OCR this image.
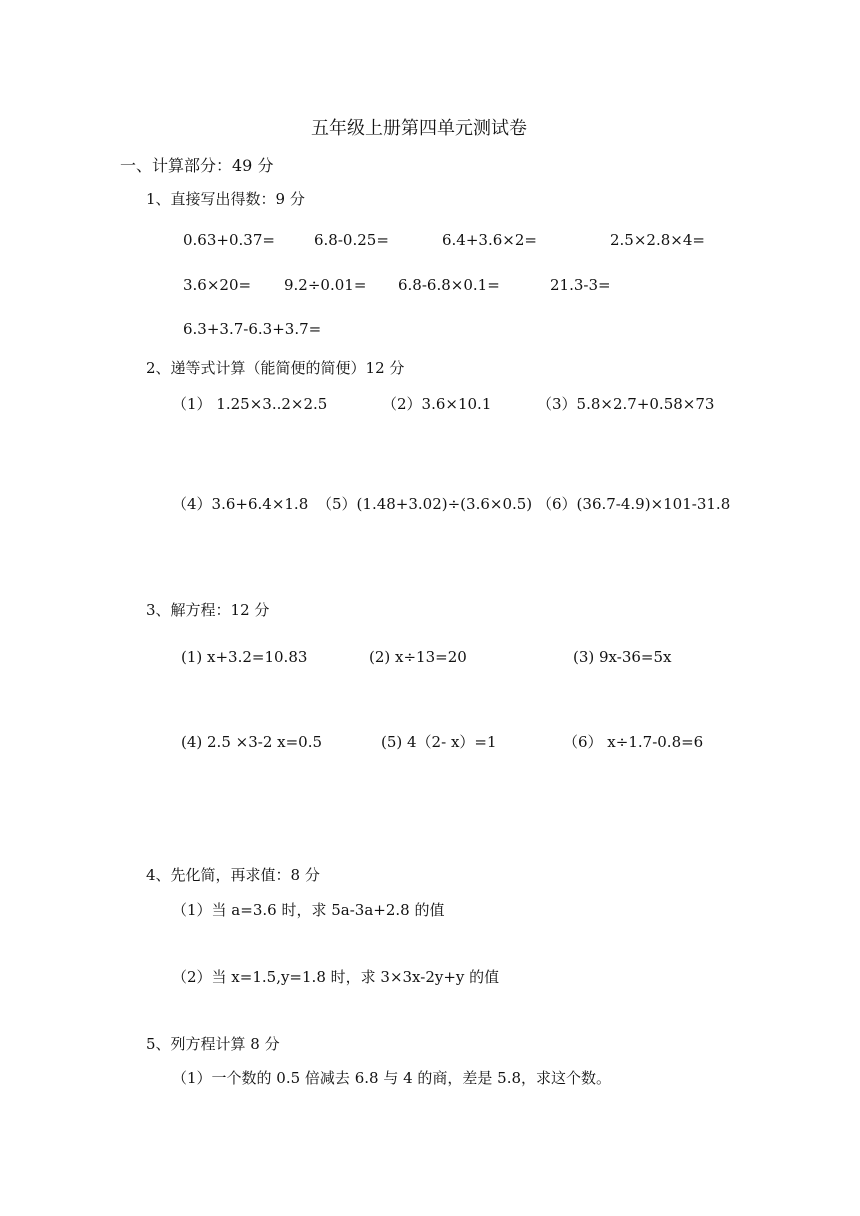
五年级上册第四单元测试卷
一、计算部分：49 分
1、直接写出得数：9 分
0.63+0.37=	6.8-0.25=	6.4+3.6×2=	2.5×2.8×4=
3.6×20= 9.2÷0.01= 6.8-6.8×0.1=	21.3-3=
6.3+3.7-6.3+3.7=
2、递等式计算（能简便的简便）12 分
（1） 1.25×3..2×2.5	（2）3.6×10.1	（3）5.8×2.7+0.58×73
（4）3.6+6.4×1.8 （5）(1.48+3.02)÷(3.6×0.5) （6）(36.7-4.9)×101-31.8
3、解方程：12 分
(1) x+3.2=10.83	(2) x÷13=20	(3) 9x-36=5x
(4) 2.5 ×3-2 x=0.5	(5) 4（2- x）=1	（6） x÷1.7-0.8=6
4、先化简，再求值：8 分
（1）当 a=3.6 时，求 5a-3a+2.8 的值
（2）当 x=1.5,y=1.8 时，求 3×3x-2y+y 的值
5、列方程计算 8 分
（1）一个数的 0.5 倍减去 6.8 与 4 的商，差是 5.8，求这个数。
